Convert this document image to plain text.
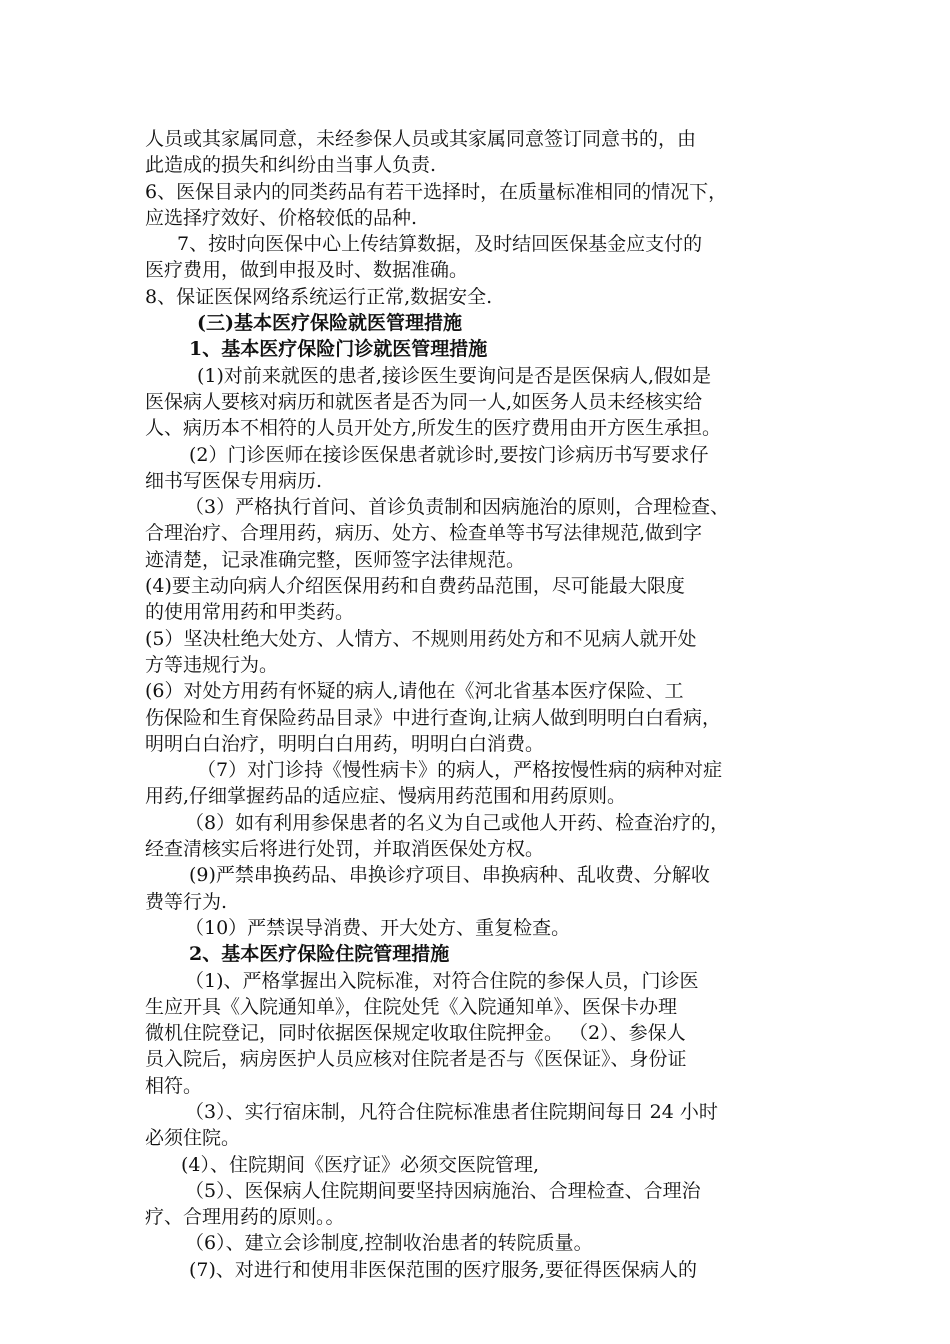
人员或其家属同意，未经参保人员或其家属同意签订同意书的，由

此造成的损失和纠纷由当事人负责.

6、医保目录内的同类药品有若干选择时，在质量标准相同的情况下，

应选择疗效好、价格较低的品种.

7、按时向医保中心上传结算数据，及时结回医保基金应支付的

医疗费用，做到申报及时、数据准确。

8、保证医保网络系统运行正常,数据安全.

(三)基本医疗保险就医管理措施

1、基本医疗保险门诊就医管理措施

(1)对前来就医的患者,接诊医生要询问是否是医保病人,假如是

医保病人要核对病历和就医者是否为同一人,如医务人员未经核实给

人、病历本不相符的人员开处方,所发生的医疗费用由开方医生承担。

(2）门诊医师在接诊医保患者就诊时,要按门诊病历书写要求仔

细书写医保专用病历.

（3）严格执行首问、首诊负责制和因病施治的原则，合理检查、

合理治疗、合理用药，病历、处方、检查单等书写法律规范,做到字

迹清楚，记录准确完整，医师签字法律规范。

(4)要主动向病人介绍医保用药和自费药品范围，尽可能最大限度

的使用常用药和甲类药。

(5）坚决杜绝大处方、人情方、不规则用药处方和不见病人就开处

方等违规行为。

(6）对处方用药有怀疑的病人,请他在《河北省基本医疗保险、工

伤保险和生育保险药品目录》中进行查询,让病人做到明明白白看病，

明明白白治疗，明明白白用药，明明白白消费。

（7）对门诊持《慢性病卡》的病人，严格按慢性病的病种对症

用药,仔细掌握药品的适应症、慢病用药范围和用药原则。

（8）如有利用参保患者的名义为自己或他人开药、检查治疗的，

经查清核实后将进行处罚，并取消医保处方权。

(9)严禁串换药品、串换诊疗项目、串换病种、乱收费、分解收

费等行为.

（10）严禁误导消费、开大处方、重复检查。

2、基本医疗保险住院管理措施

（1)、严格掌握出入院标准，对符合住院的参保人员，门诊医

生应开具《入院通知单》，住院处凭《入院通知单》、医保卡办理

微机住院登记，同时依据医保规定收取住院押金。 （2）、参保人

员入院后，病房医护人员应核对住院者是否与《医保证》、身份证

相符。

（3）、实行宿床制，凡符合住院标准患者住院期间每日 24 小时

必须住院。

(4）、住院期间《医疗证》必须交医院管理,

（5）、医保病人住院期间要坚持因病施治、合理检查、合理治

疗、合理用药的原则。。

（6）、建立会诊制度,控制收治患者的转院质量。

(7)、对进行和使用非医保范围的医疗服务,要征得医保病人的
